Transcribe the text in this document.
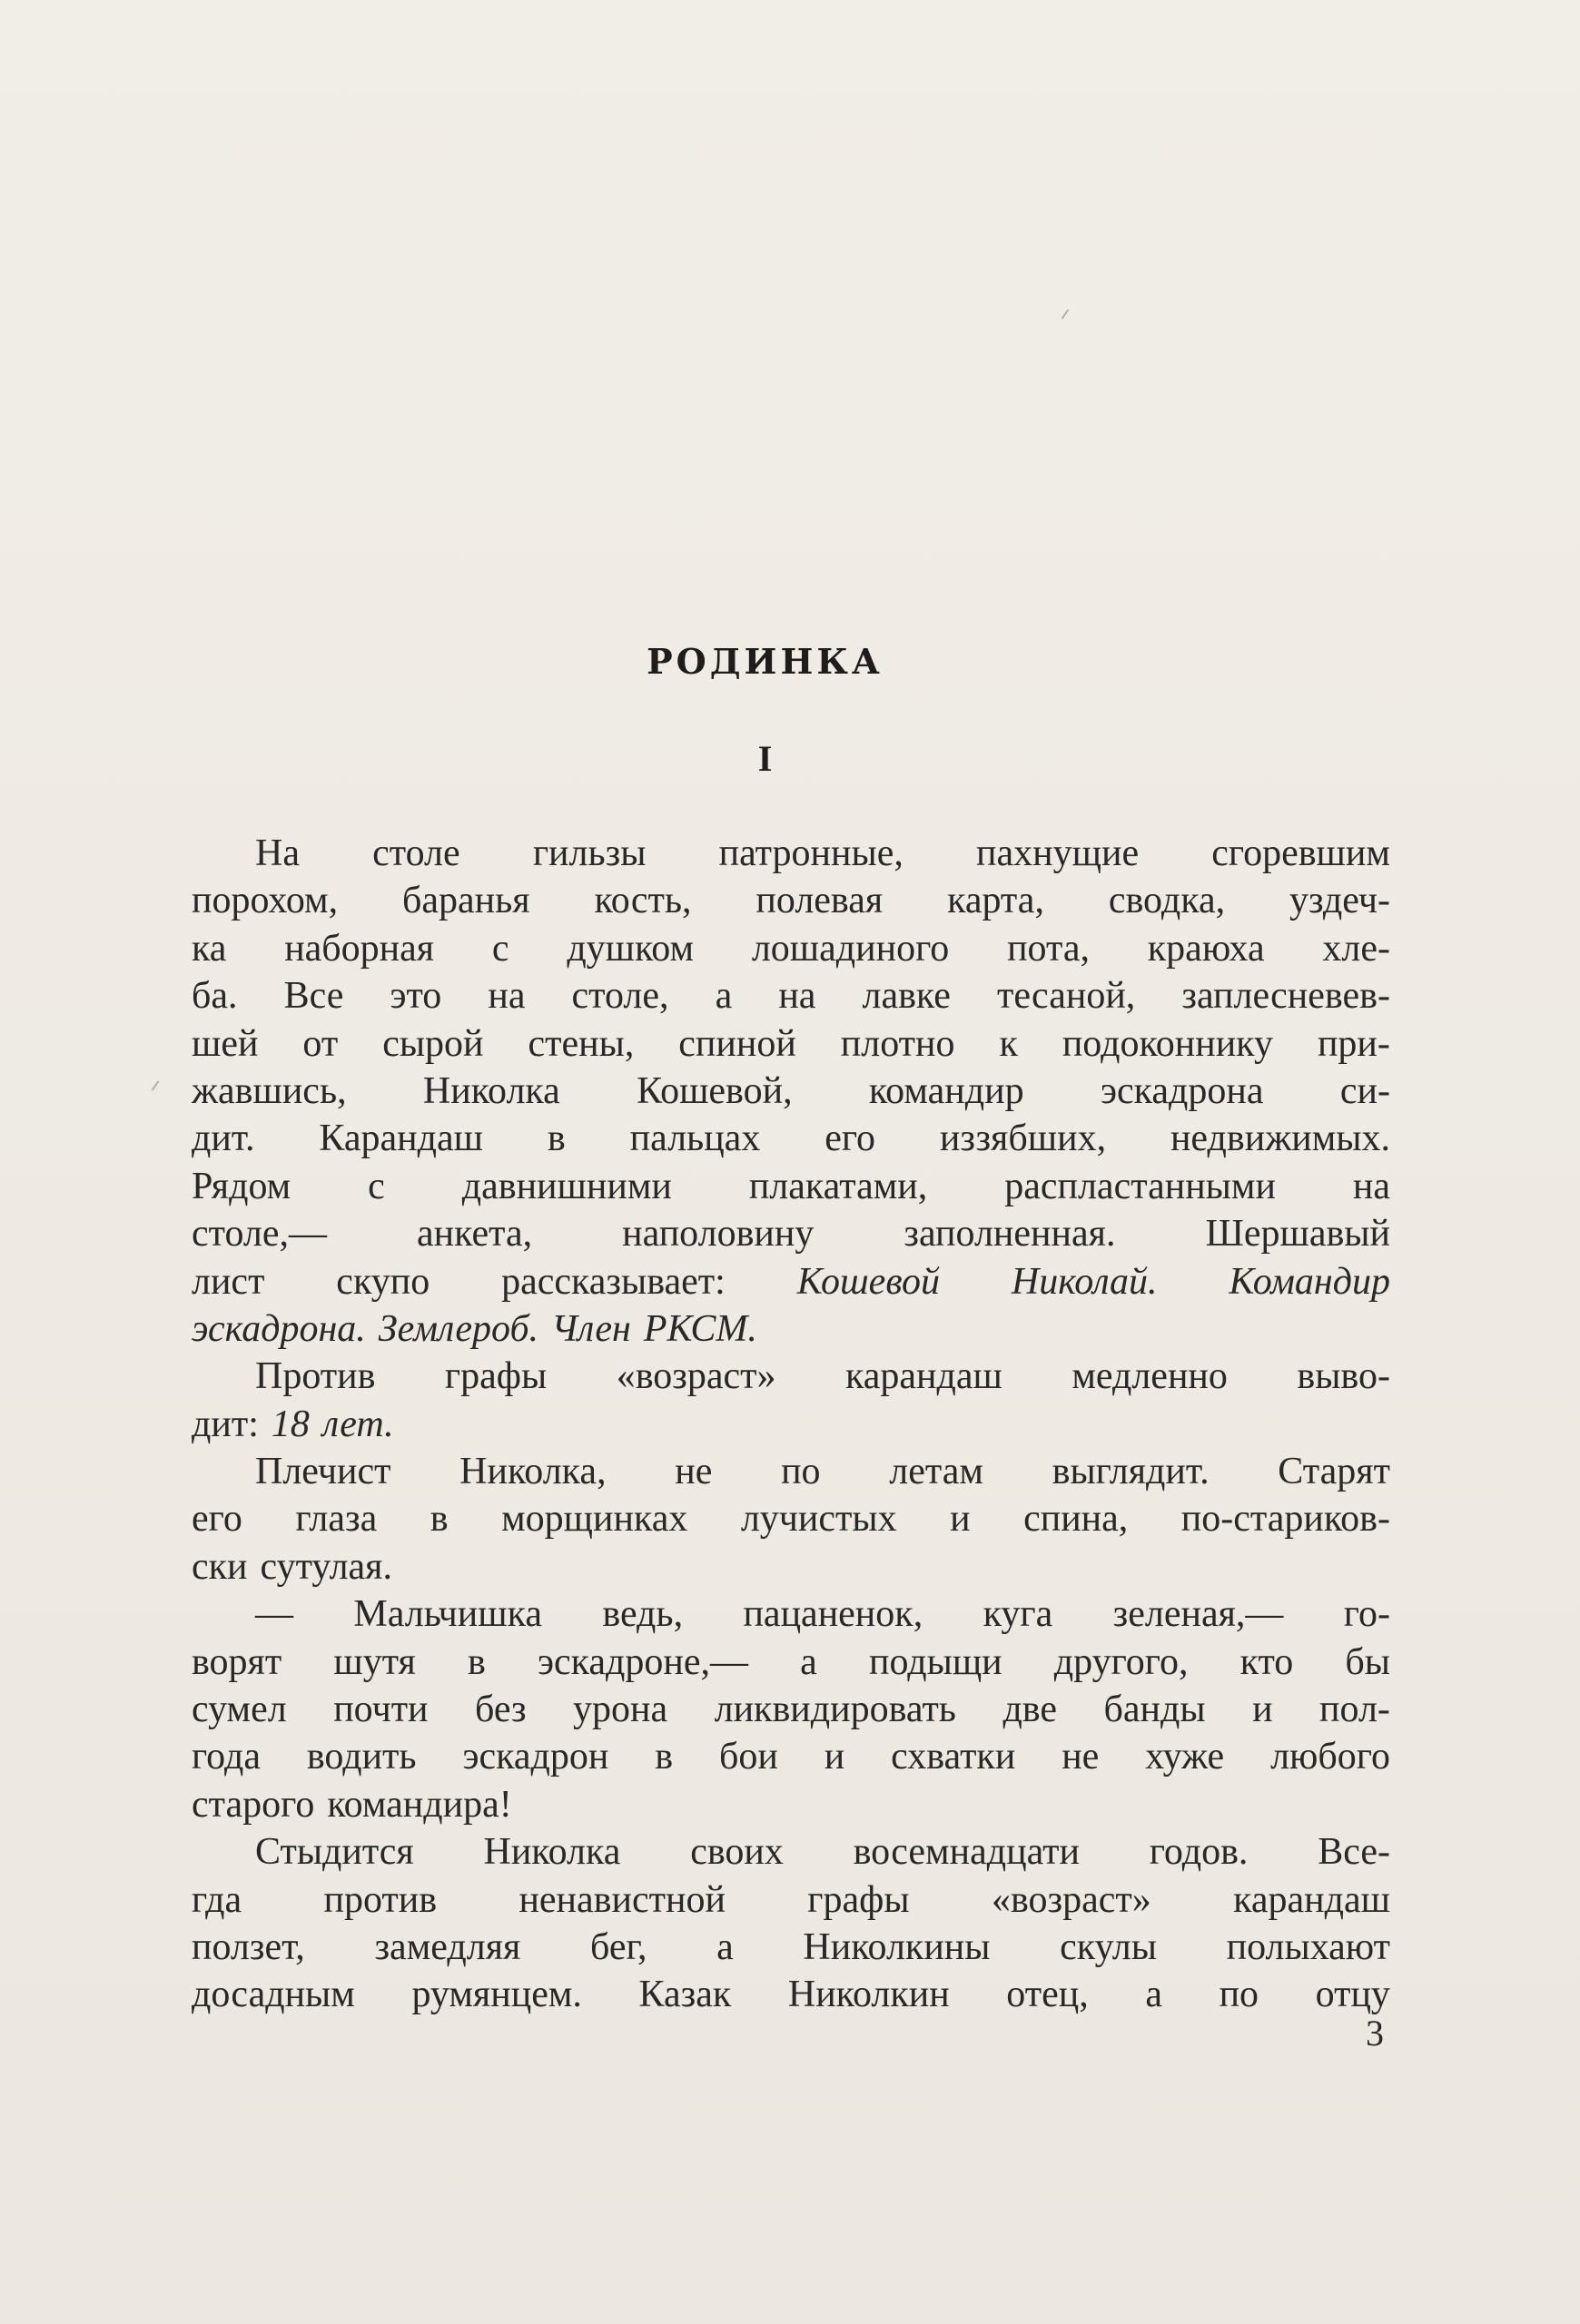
РОДИНКА
I
На столе гильзы патронные, пахнущие сгоревшим
порохом, баранья кость, полевая карта, сводка, уздеч-
ка наборная с душком лошадиного пота, краюха хле-
ба. Все это на столе, а на лавке тесаной, заплесневев-
шей от сырой стены, спиной плотно к подоконнику при-
жавшись, Николка Кошевой, командир эскадрона си-
дит. Карандаш в пальцах его иззябших, недвижимых.
Рядом с давнишними плакатами, распластанными на
столе,— анкета, наполовину заполненная. Шершавый
лист скупо рассказывает: Кошевой Николай. Командир
эскадрона. Землероб. Член РКСМ.
Против графы «возраст» карандаш медленно выво-
дит: 18 лет.
Плечист Николка, не по летам выглядит. Старят
его глаза в морщинках лучистых и спина, по-стариков-
ски сутулая.
— Мальчишка ведь, пацаненок, куга зеленая,— го-
ворят шутя в эскадроне,— а подыщи другого, кто бы
сумел почти без урона ликвидировать две банды и пол-
года водить эскадрон в бои и схватки не хуже любого
старого командира!
Стыдится Николка своих восемнадцати годов. Все-
гда против ненавистной графы «возраст» карандаш
ползет, замедляя бег, а Николкины скулы полыхают
досадным румянцем. Казак Николкин отец, а по отцу
3
